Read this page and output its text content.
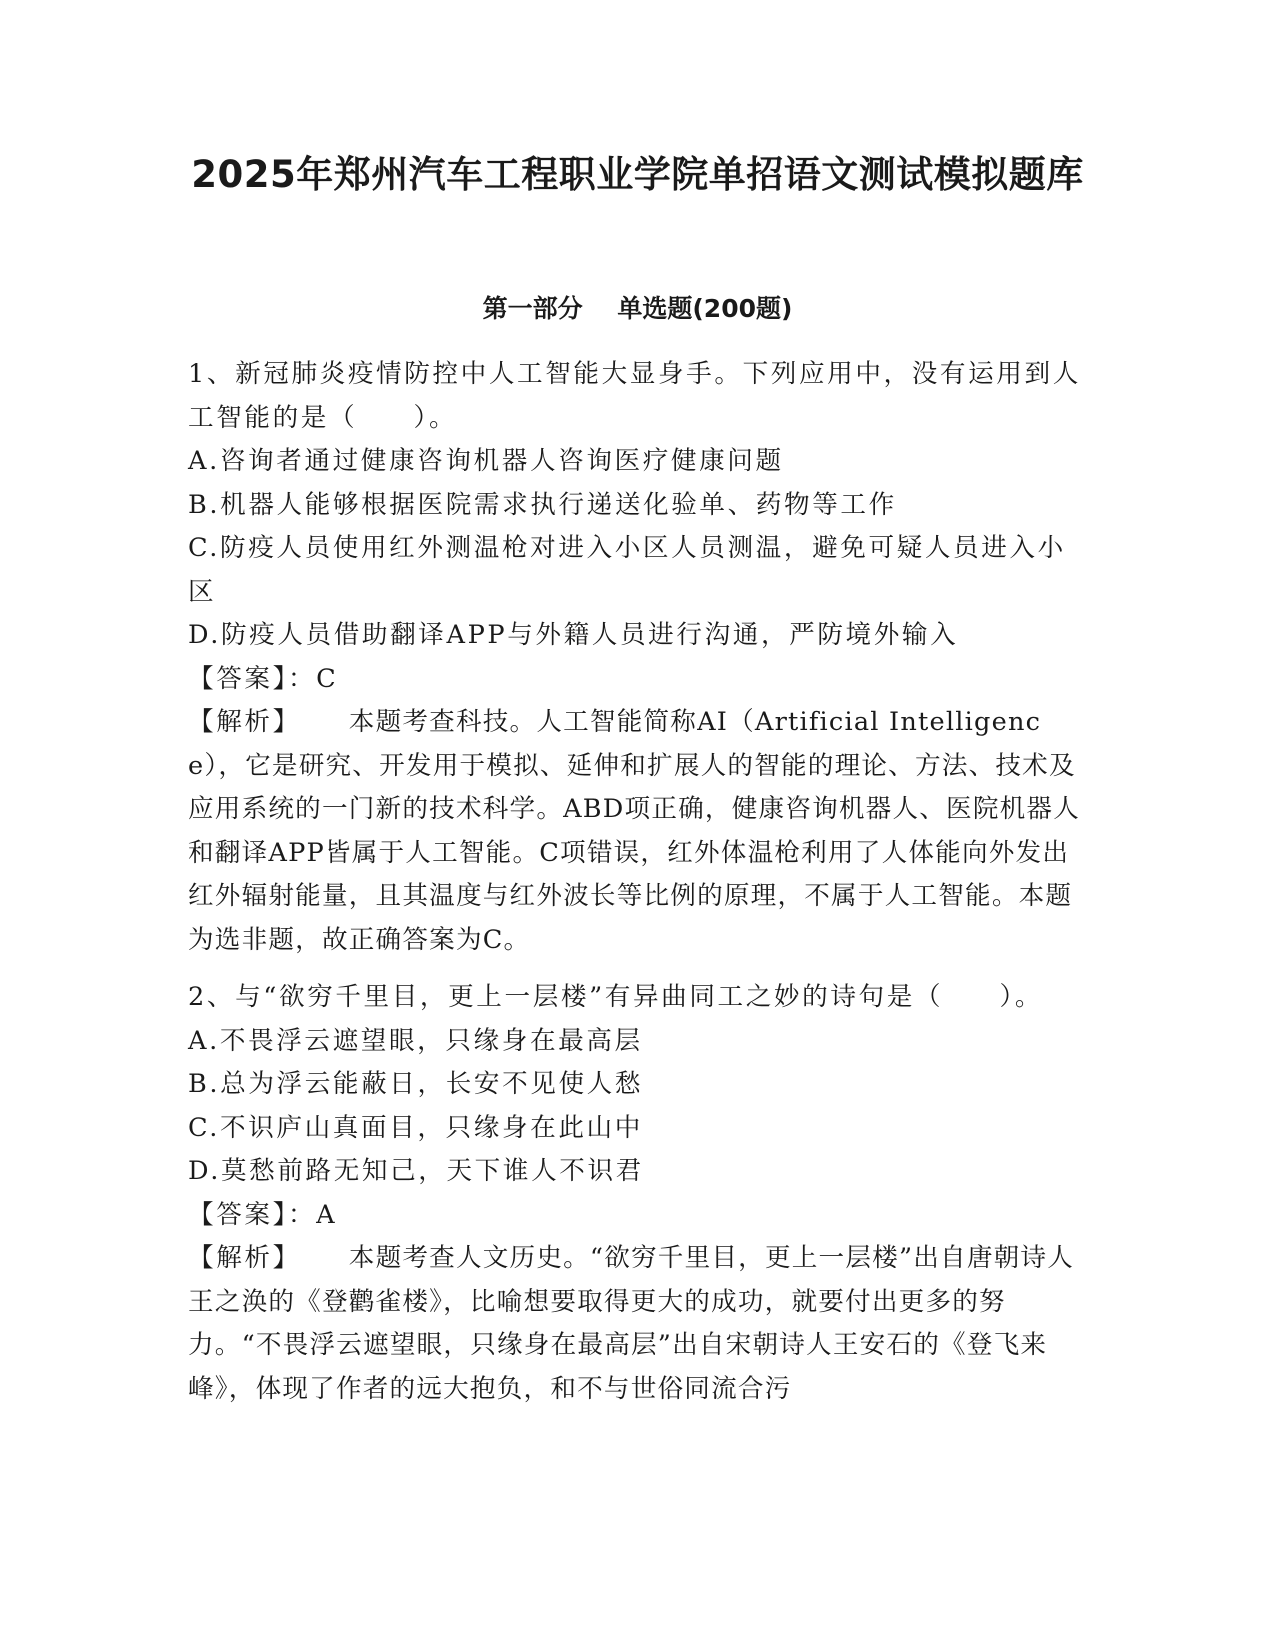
2025年郑州汽车工程职业学院单招语文测试模拟题库
第一部分    单选题(200题)

1、新冠肺炎疫情防控中人工智能大显身手。下列应用中，没有运用到人工智能的是（　　）。

A.咨询者通过健康咨询机器人咨询医疗健康问题

B.机器人能够根据医院需求执行递送化验单、药物等工作

C.防疫人员使用红外测温枪对进入小区人员测温，避免可疑人员进入小区

D.防疫人员借助翻译APP与外籍人员进行沟通，严防境外输入

【答案】：C

【解析】 本题考查科技。人工智能简称AI（Artificial Intelligence），它是研究、开发用于模拟、延伸和扩展人的智能的理论、方法、技术及应用系统的一门新的技术科学。ABD项正确，健康咨询机器人、医院机器人和翻译APP皆属于人工智能。C项错误，红外体温枪利用了人体能向外发出红外辐射能量，且其温度与红外波长等比例的原理，不属于人工智能。本题为选非题，故正确答案为C。

2、与“欲穷千里目，更上一层楼”有异曲同工之妙的诗句是（　　）。

A.不畏浮云遮望眼，只缘身在最高层

B.总为浮云能蔽日，长安不见使人愁

C.不识庐山真面目，只缘身在此山中

D.莫愁前路无知己，天下谁人不识君

【答案】：A

【解析】 本题考查人文历史。“欲穷千里目，更上一层楼”出自唐朝诗人王之涣的《登鹳雀楼》，比喻想要取得更大的成功，就要付出更多的努力。“不畏浮云遮望眼，只缘身在最高层”出自宋朝诗人王安石的《登飞来峰》，体现了作者的远大抱负，和不与世俗同流合污
